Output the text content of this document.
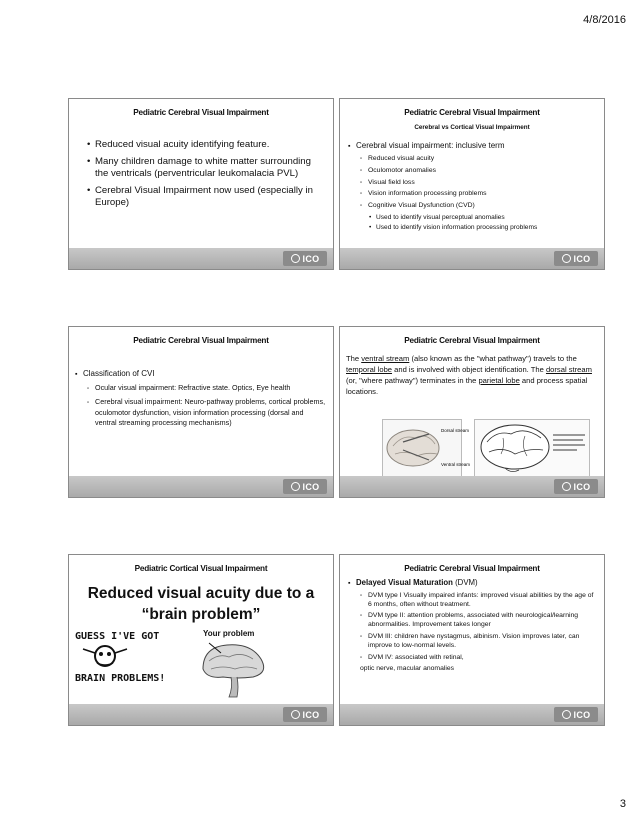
4/8/2016
Pediatric Cerebral Visual Impairment
• Reduced visual acuity identifying feature.
• Many children damage to white matter surrounding the ventricals (perventricular leukomalacia PVL)
• Cerebral Visual Impairment now used (especially in Europe)
ICO
Pediatric Cerebral Visual Impairment
Cerebral vs Cortical Visual Impairment
▪ Cerebral visual impairment: inclusive term
▫ Reduced visual acuity
▫ Oculomotor anomalies
▫ Visual field loss
▫ Vision information processing problems
▫ Cognitive Visual Dysfunction (CVD)
• Used to identify visual perceptual anomalies
• Used to identify vision information processing problems
ICO
Pediatric Cerebral Visual Impairment
▪ Classification of CVI
▫ Ocular visual impairment: Refractive state. Optics, Eye health
▫ Cerebral visual impairment: Neuro-pathway problems, cortical problems, oculomotor dysfunction, vision information processing (dorsal and ventral streaming processing mechanisms)
ICO
Pediatric Cerebral Visual Impairment
The ventral stream (also known as the "what pathway") travels to the temporal lobe and is involved with object identification. The dorsal stream (or, "where pathway") terminates in the parietal lobe and process spatial locations.
Dorsal stream
Ventral stream
ICO
Pediatric Cortical Visual Impairment
Reduced visual acuity due to a
“brain problem”
GUESS I'VE GOT
BRAIN PROBLEMS!
Your problem
ICO
Pediatric Cerebral Visual Impairment
▪ Delayed Visual Maturation (DVM)
▫ DVM type I Visually impaired infants: improved visual abilities by the age of 6 months, often without treatment.
▫ DVM type II: attention problems, associated with neurological/learning abnormalities. Improvement takes longer
▫ DVM III: children have nystagmus, albinism. Vision improves later, can improve to low-normal levels.
▫ DVM IV: associated with retinal,
optic nerve, macular anomalies
ICO
3
